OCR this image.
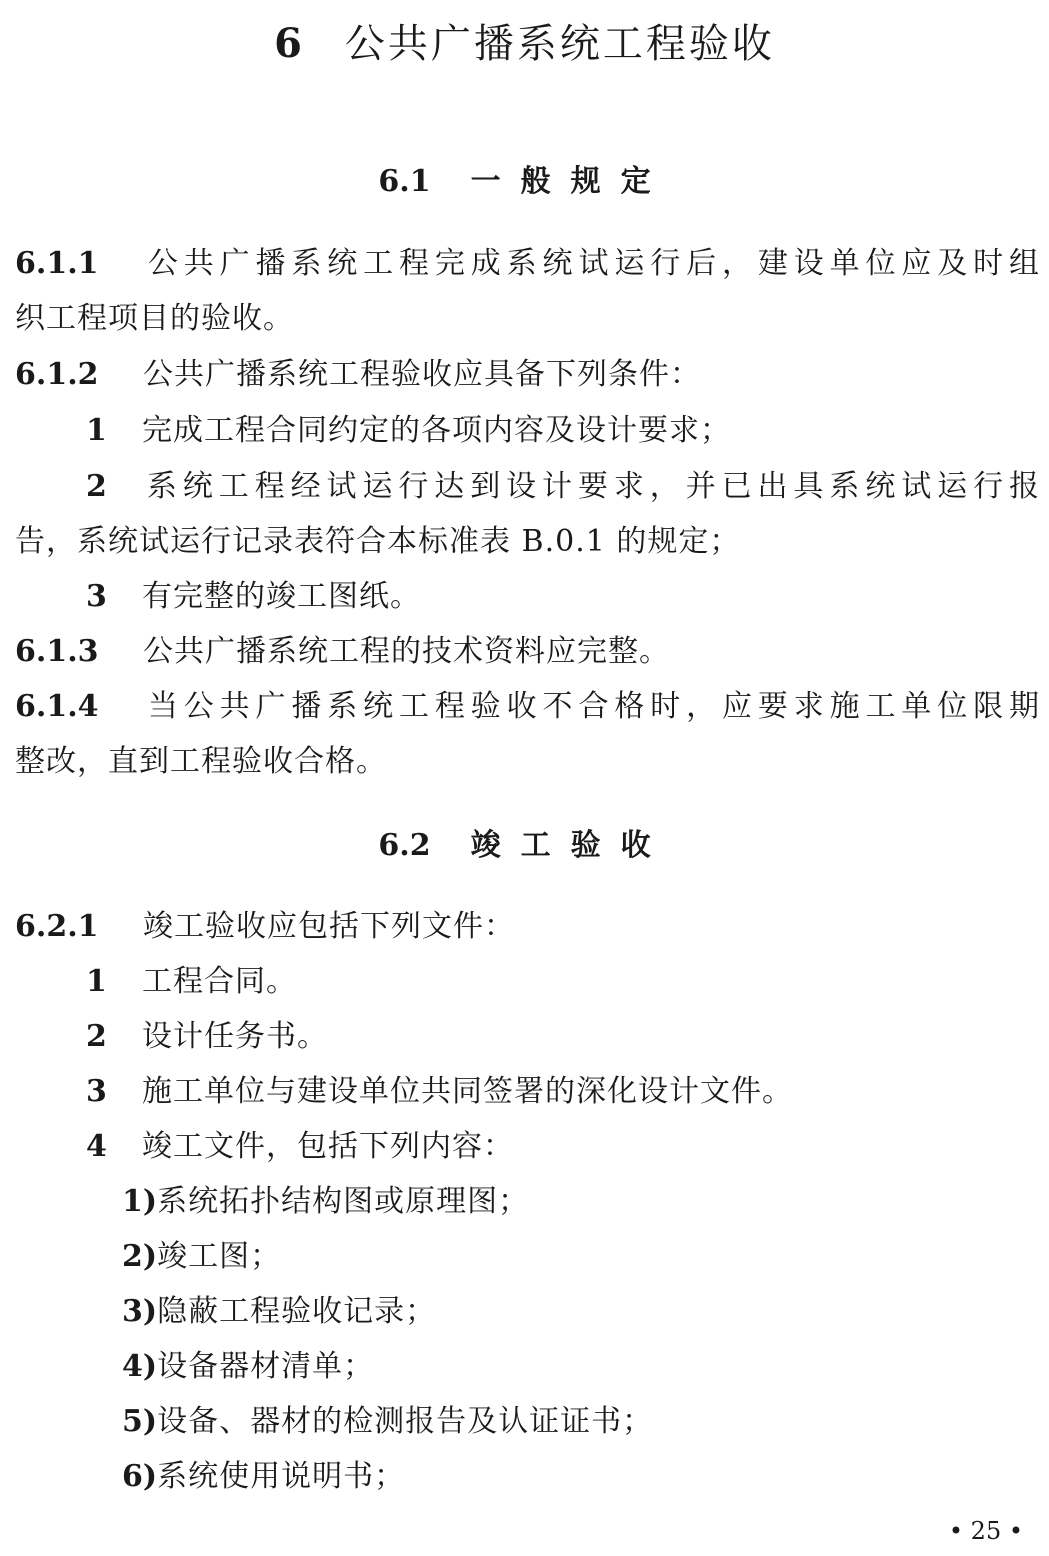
6 公共广播系统工程验收
6.1 一般规定
6.1.1 公共广播系统工程完成系统试运行后，建设单位应及时组
织工程项目的验收。
6.1.2 公共广播系统工程验收应具备下列条件：
1 完成工程合同约定的各项内容及设计要求；
2 系统工程经试运行达到设计要求，并已出具系统试运行报
告，系统试运行记录表符合本标准表 B.0.1 的规定；
3 有完整的竣工图纸。
6.1.3 公共广播系统工程的技术资料应完整。
6.1.4 当公共广播系统工程验收不合格时，应要求施工单位限期
整改，直到工程验收合格。
6.2 竣工验收
6.2.1 竣工验收应包括下列文件：
1 工程合同。
2 设计任务书。
3 施工单位与建设单位共同签署的深化设计文件。
4 竣工文件，包括下列内容：
1)系统拓扑结构图或原理图；
2)竣工图；
3)隐蔽工程验收记录；
4)设备器材清单；
5)设备、器材的检测报告及认证证书；
6)系统使用说明书；
• 25 •
